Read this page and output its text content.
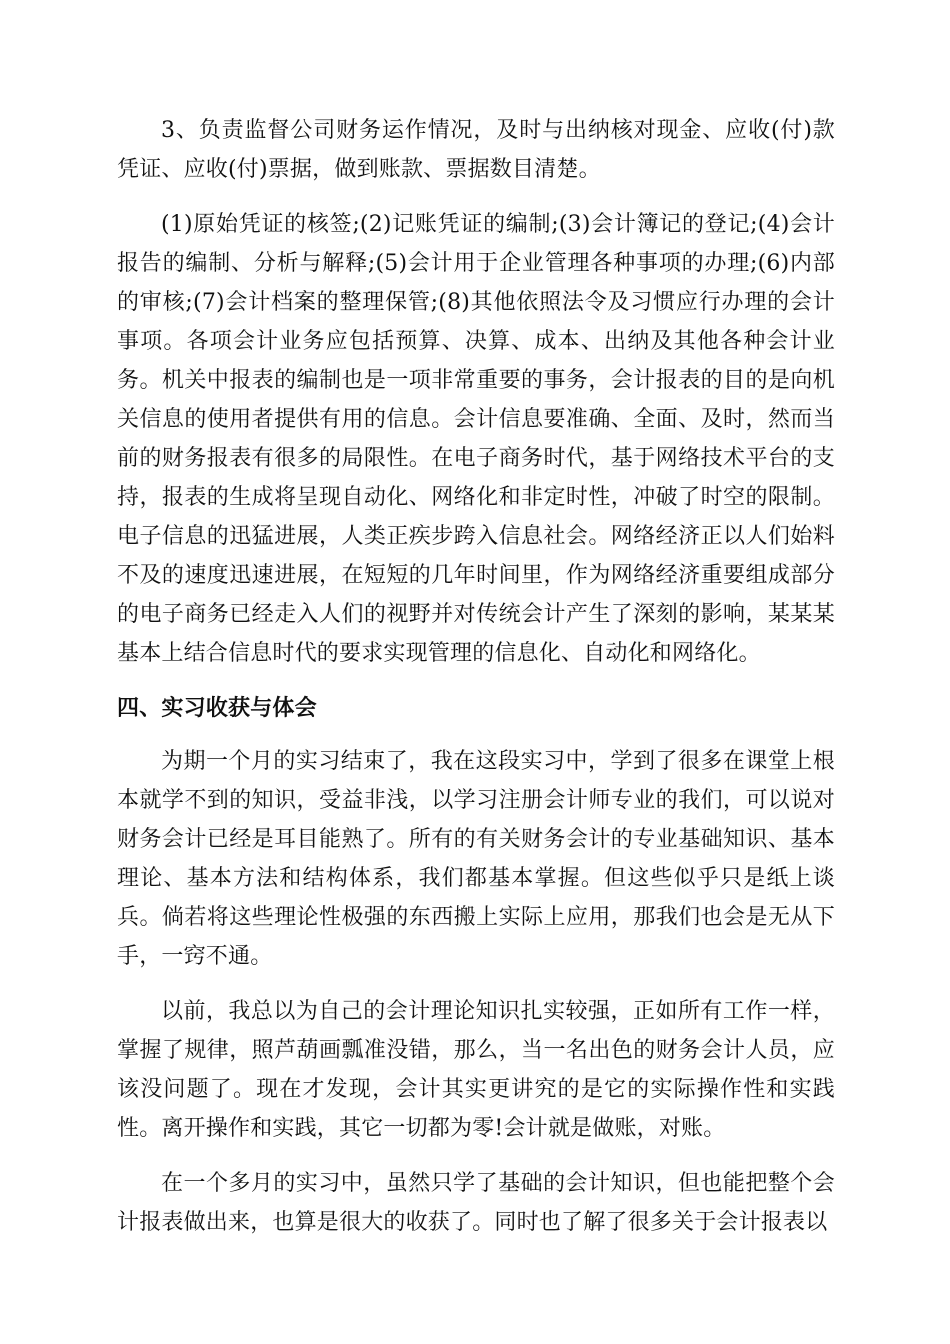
3、负责监督公司财务运作情况，及时与出纳核对现金、应收(付)款凭证、应收(付)票据，做到账款、票据数目清楚。

(1)原始凭证的核签;(2)记账凭证的编制;(3)会计簿记的登记;(4)会计报告的编制、分析与解释;(5)会计用于企业管理各种事项的办理;(6)内部的审核;(7)会计档案的整理保管;(8)其他依照法令及习惯应行办理的会计事项。各项会计业务应包括预算、决算、成本、出纳及其他各种会计业务。机关中报表的编制也是一项非常重要的事务，会计报表的目的是向机关信息的使用者提供有用的信息。会计信息要准确、全面、及时，然而当前的财务报表有很多的局限性。在电子商务时代，基于网络技术平台的支持，报表的生成将呈现自动化、网络化和非定时性，冲破了时空的限制。电子信息的迅猛进展，人类正疾步跨入信息社会。网络经济正以人们始料不及的速度迅速进展，在短短的几年时间里，作为网络经济重要组成部分的电子商务已经走入人们的视野并对传统会计产生了深刻的影响，某某某基本上结合信息时代的要求实现管理的信息化、自动化和网络化。

四、实习收获与体会

为期一个月的实习结束了，我在这段实习中，学到了很多在课堂上根本就学不到的知识，受益非浅，以学习注册会计师专业的我们，可以说对财务会计已经是耳目能熟了。所有的有关财务会计的专业基础知识、基本理论、基本方法和结构体系，我们都基本掌握。但这些似乎只是纸上谈兵。倘若将这些理论性极强的东西搬上实际上应用，那我们也会是无从下手，一窍不通。

以前，我总以为自己的会计理论知识扎实较强，正如所有工作一样，掌握了规律，照芦葫画瓢准没错，那么，当一名出色的财务会计人员，应该没问题了。现在才发现，会计其实更讲究的是它的实际操作性和实践性。离开操作和实践，其它一切都为零!会计就是做账，对账。

在一个多月的实习中，虽然只学了基础的会计知识，但也能把整个会计报表做出来，也算是很大的收获了。同时也了解了很多关于会计报表以
